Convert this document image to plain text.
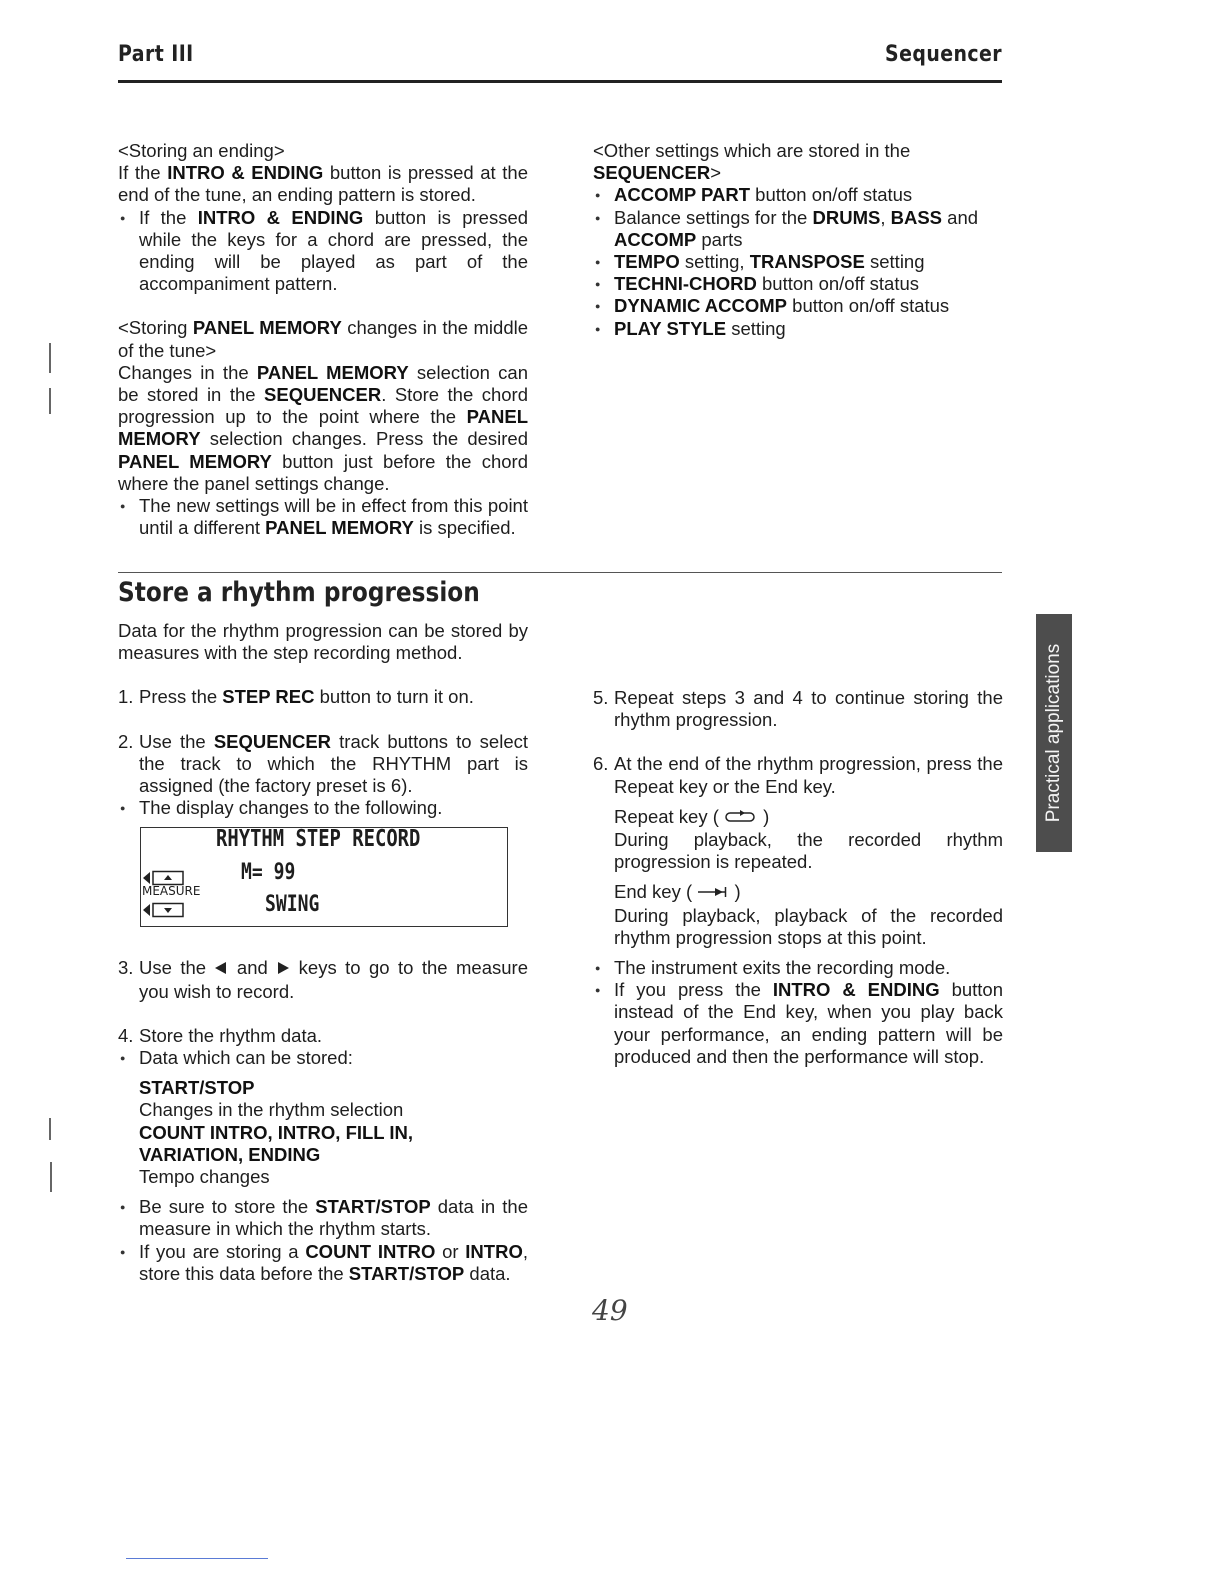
Part III	Sequencer

<Storing an ending>

If the INTRO & ENDING button is pressed at the end of the tune, an ending pattern is stored.

● If the INTRO & ENDING button is pressed while the keys for a chord are pressed, the ending will be played as part of the accompaniment pattern.

<Storing PANEL MEMORY changes in the middle of the tune>

Changes in the PANEL MEMORY selection can be stored in the SEQUENCER. Store the chord progression up to the point where the PANEL MEMORY selection changes. Press the desired PANEL MEMORY button just before the chord where the panel settings change.

● The new settings will be in effect from this point until a different PANEL MEMORY is specified.

<Other settings which are stored in the SEQUENCER>

● ACCOMP PART button on/off status

● Balance settings for the DRUMS, BASS and ACCOMP parts

● TEMPO setting, TRANSPOSE setting

● TECHNI-CHORD button on/off status

● DYNAMIC ACCOMP button on/off status

● PLAY STYLE setting

Store a rhythm progression

Data for the rhythm progression can be stored by measures with the step recording method.

1. Press the STEP REC button to turn it on.

2. Use the SEQUENCER track buttons to select the track to which the RHYTHM part is assigned (the factory preset is 6).

● The display changes to the following.

RHYTHM STEP RECORD
M= 99
MEASURE
SWING

3. Use the  and  keys to go to the measure you wish to record.

4. Store the rhythm data.

● Data which can be stored:

START/STOP

Changes in the rhythm selection

COUNT INTRO, INTRO, FILL IN,

VARIATION, ENDING

Tempo changes

● Be sure to store the START/STOP data in the measure in which the rhythm starts.

● If you are storing a COUNT INTRO or INTRO, store this data before the START/STOP data.

5. Repeat steps 3 and 4 to continue storing the rhythm progression.

6. At the end of the rhythm progression, press the Repeat key or the End key.

Repeat key ( )

During playback, the recorded rhythm progression is repeated.

End key ( )

During playback, playback of the recorded rhythm progression stops at this point.

● The instrument exits the recording mode.

● If you press the INTRO & ENDING button instead of the End key, when you play back your performance, an ending pattern will be produced and then the performance will stop.

Practical applications
49
